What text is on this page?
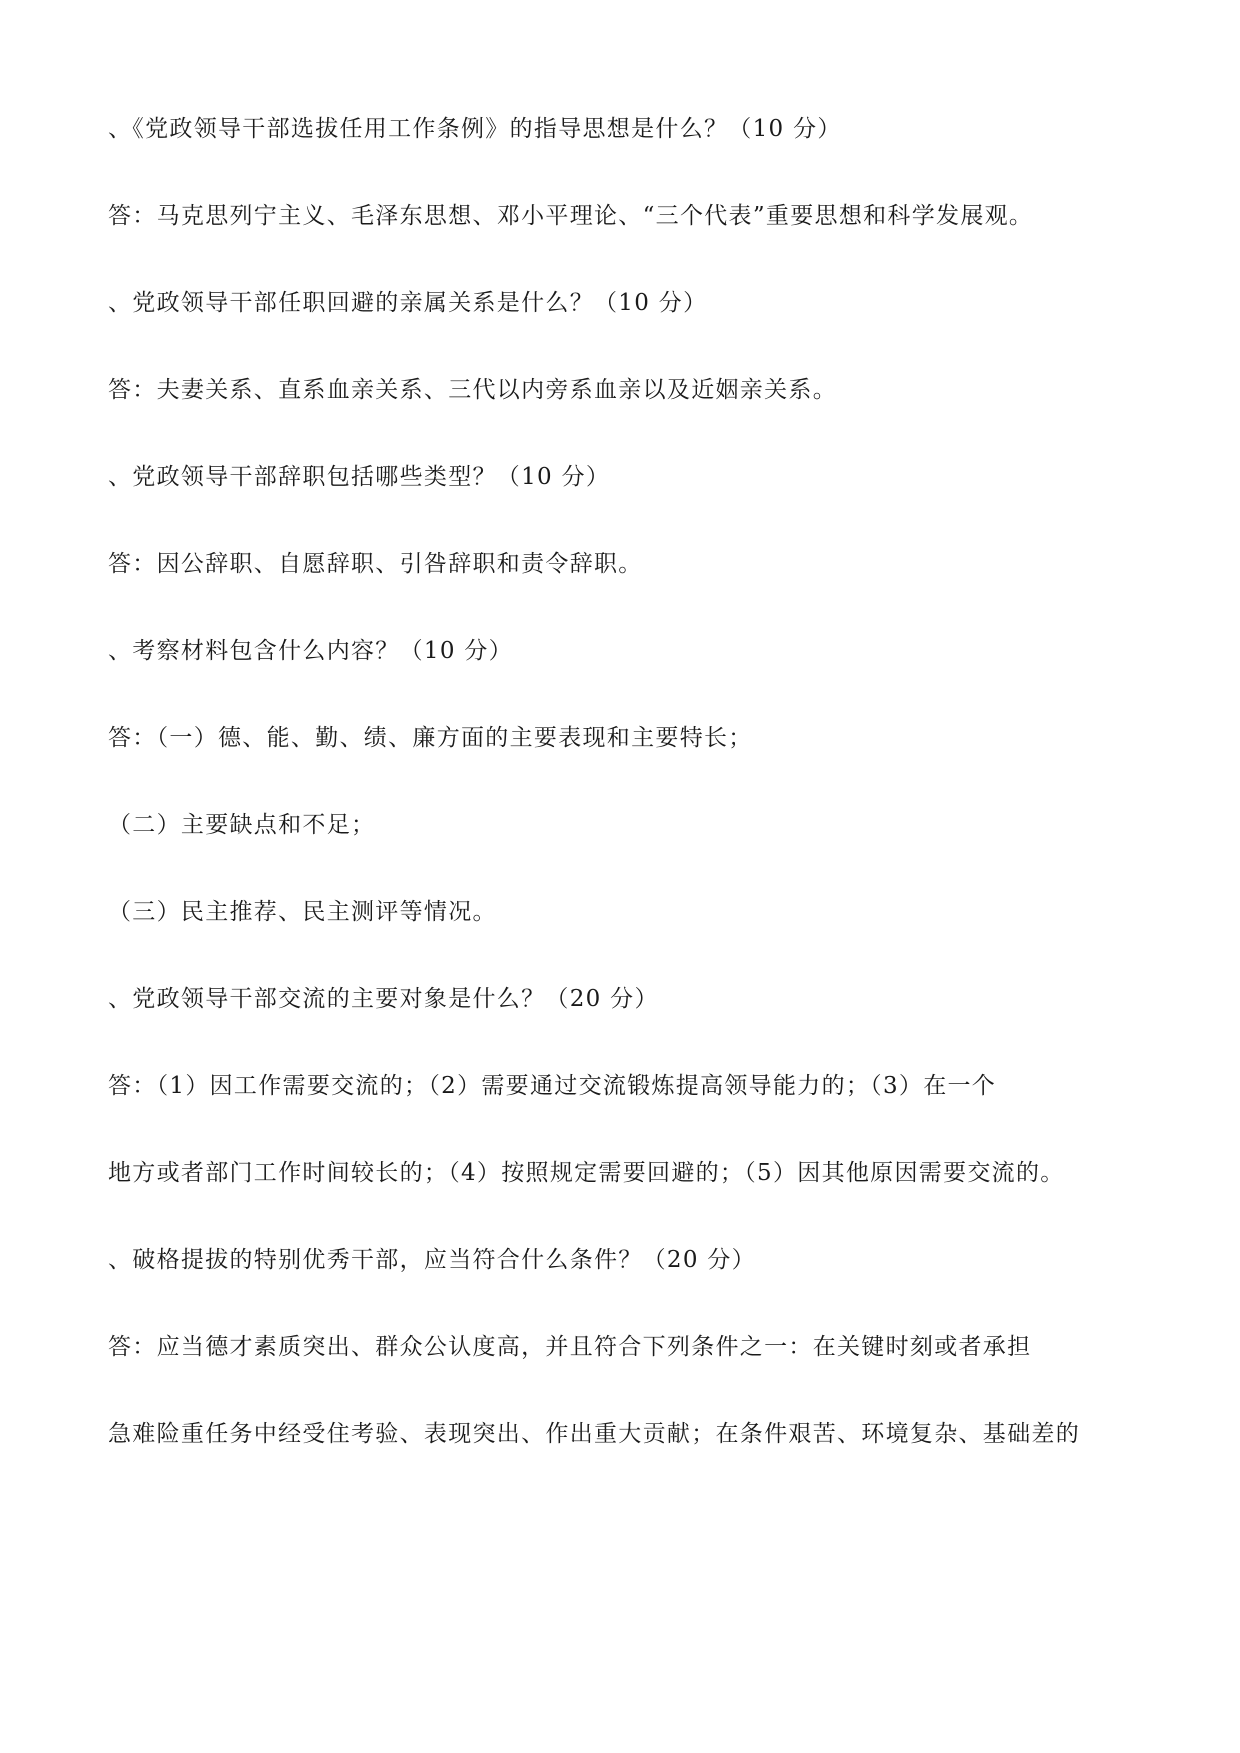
、《党政领导干部选拔任用工作条例》的指导思想是什么？（10 分）
答：马克思列宁主义、毛泽东思想、邓小平理论、“三个代表”重要思想和科学发展观。
、党政领导干部任职回避的亲属关系是什么？（10 分）
答：夫妻关系、直系血亲关系、三代以内旁系血亲以及近姻亲关系。
、党政领导干部辞职包括哪些类型？（10 分）
答：因公辞职、自愿辞职、引咎辞职和责令辞职。
、考察材料包含什么内容？（10 分）
答：（一）德、能、勤、绩、廉方面的主要表现和主要特长；
（二）主要缺点和不足；
（三）民主推荐、民主测评等情况。
、党政领导干部交流的主要对象是什么？（20 分）
答：（1）因工作需要交流的；（2）需要通过交流锻炼提高领导能力的；（3）在一个
地方或者部门工作时间较长的；（4）按照规定需要回避的；（5）因其他原因需要交流的。
、破格提拔的特别优秀干部，应当符合什么条件？（20 分）
答：应当德才素质突出、群众公认度高，并且符合下列条件之一：在关键时刻或者承担
急难险重任务中经受住考验、表现突出、作出重大贡献；在条件艰苦、环境复杂、基础差的
